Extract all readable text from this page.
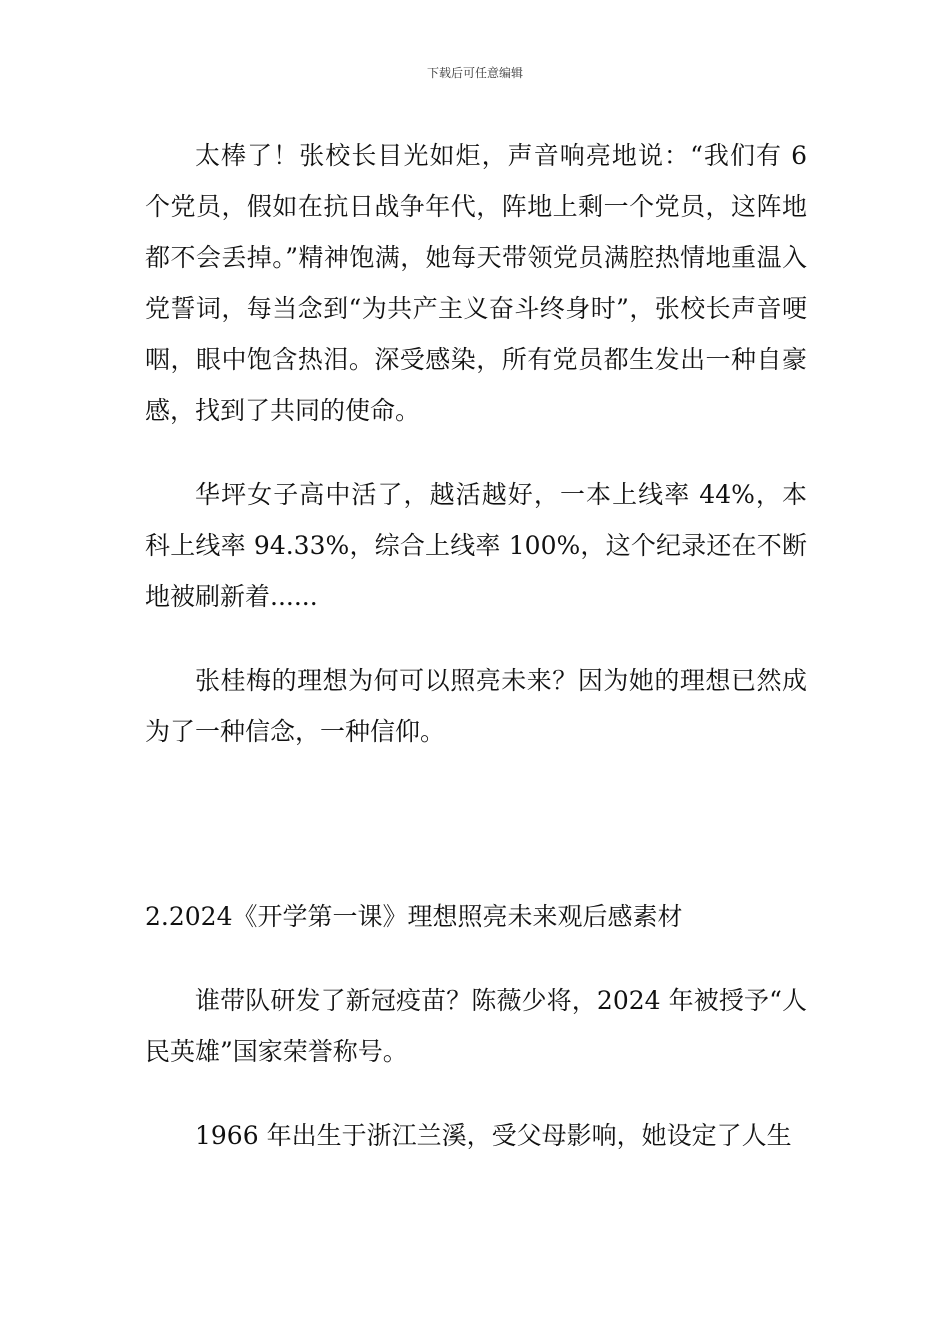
下载后可任意编辑

太棒了！张校长目光如炬，声音响亮地说：“我们有 6 个党员，假如在抗日战争年代，阵地上剩一个党员，这阵地都不会丢掉。”精神饱满，她每天带领党员满腔热情地重温入党誓词，每当念到“为共产主义奋斗终身时”，张校长声音哽咽，眼中饱含热泪。深受感染，所有党员都生发出一种自豪感，找到了共同的使命。

华坪女子高中活了，越活越好，一本上线率 44%，本科上线率 94.33%，综合上线率 100%，这个纪录还在不断地被刷新着......

张桂梅的理想为何可以照亮未来？因为她的理想已然成为了一种信念，一种信仰。

2.2024《开学第一课》理想照亮未来观后感素材

谁带队研发了新冠疫苗？陈薇少将，2024 年被授予“人民英雄”国家荣誉称号。

1966 年出生于浙江兰溪，受父母影响，她设定了人生
